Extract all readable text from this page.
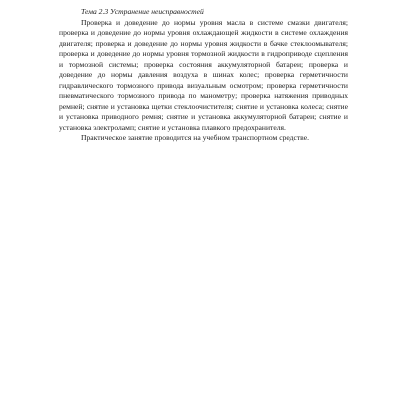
Тема 2.3 Устранение неисправностей

Проверка и доведение до нормы уровня масла в системе смазки двигателя; проверка и доведение до нормы уровня охлаждающей жидкости в системе охлаждения двигателя; проверка и доведение до нормы уровня жидкости в бачке стеклоомывателя; проверка и доведение до нормы уровня тормозной жидкости в гидроприводе сцепления и тормозной системы; проверка состояния аккумуляторной батареи; проверка и доведение до нормы давления воздуха в шинах колес; проверка герметичности гидравлического тормозного привода визуальным осмотром; проверка герметичности пневматического тормозного привода по манометру; проверка натяжения приводных ремней; снятие и установка щетки стеклоочистителя; снятие и установка колеса; снятие и установка приводного ремня; снятие и установка аккумуляторной батареи; снятие и установка электроламп; снятие и установка плавкого предохранителя.

Практическое занятие проводится на учебном транспортном средстве.
